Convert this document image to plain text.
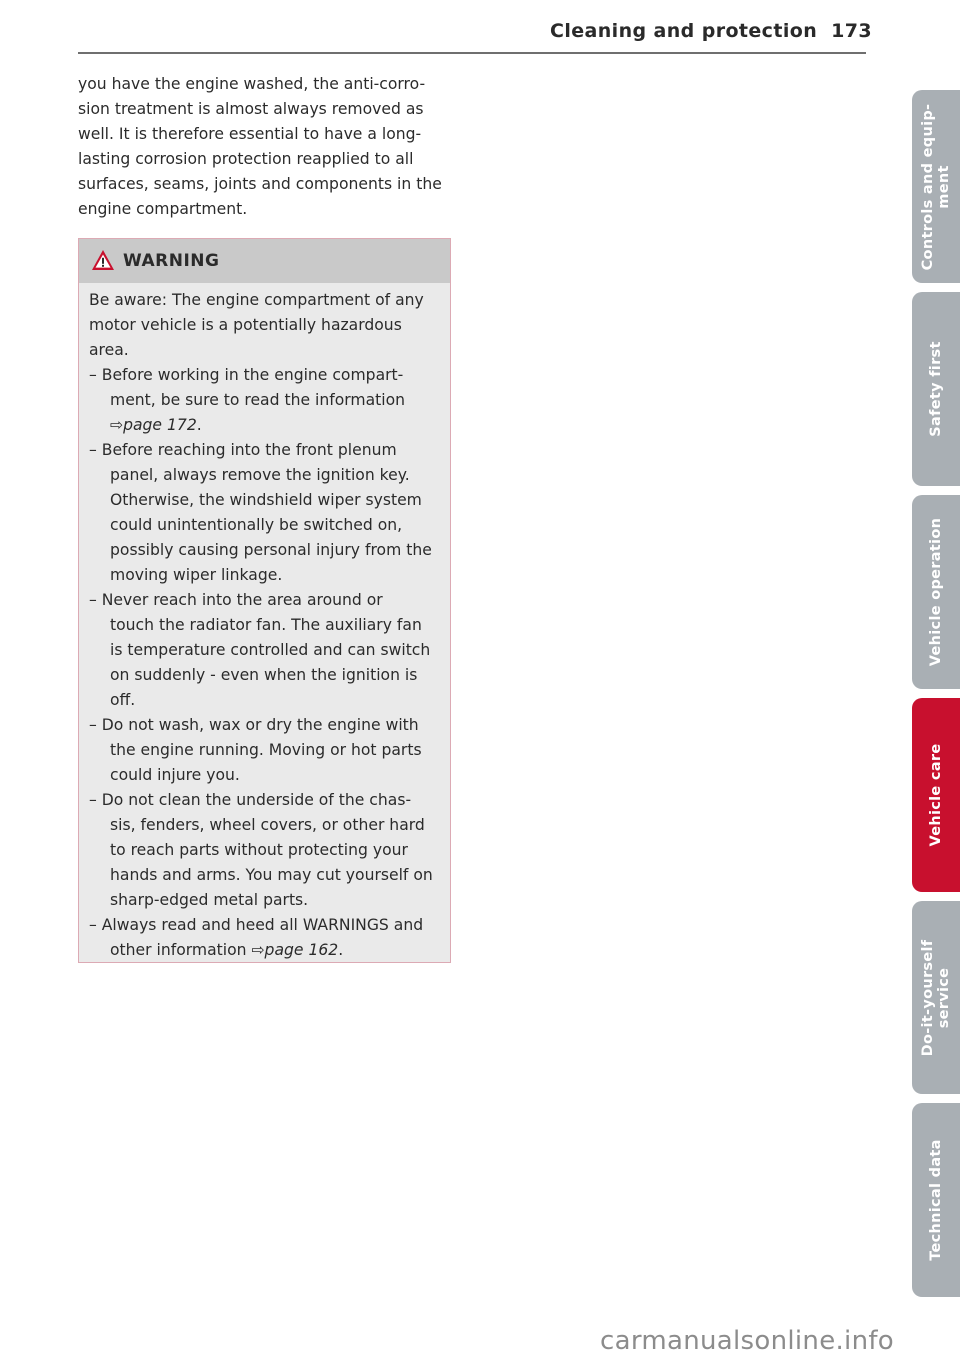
Cleaning and protection 173
you have the engine washed, the anti-corro-
sion treatment is almost always removed as
well. It is therefore essential to have a long-
lasting corrosion protection reapplied to all
surfaces, seams, joints and components in the
engine compartment.
WARNING
Be aware: The engine compartment of any
motor vehicle is a potentially hazardous
area.
– Before working in the engine compart-
ment, be sure to read the information
⇨page 172.
– Before reaching into the front plenum
panel, always remove the ignition key.
Otherwise, the windshield wiper system
could unintentionally be switched on,
possibly causing personal injury from the
moving wiper linkage.
– Never reach into the area around or
touch the radiator fan. The auxiliary fan
is temperature controlled and can switch
on suddenly - even when the ignition is
off.
– Do not wash, wax or dry the engine with
the engine running. Moving or hot parts
could injure you.
– Do not clean the underside of the chas-
sis, fenders, wheel covers, or other hard
to reach parts without protecting your
hands and arms. You may cut yourself on
sharp-edged metal parts.
– Always read and heed all WARNINGS and
other information ⇨page 162.
Controls and equip-
ment
Safety first
Vehicle operation
Vehicle care
Do-it-yourself
service
Technical data
carmanualsonline.info
